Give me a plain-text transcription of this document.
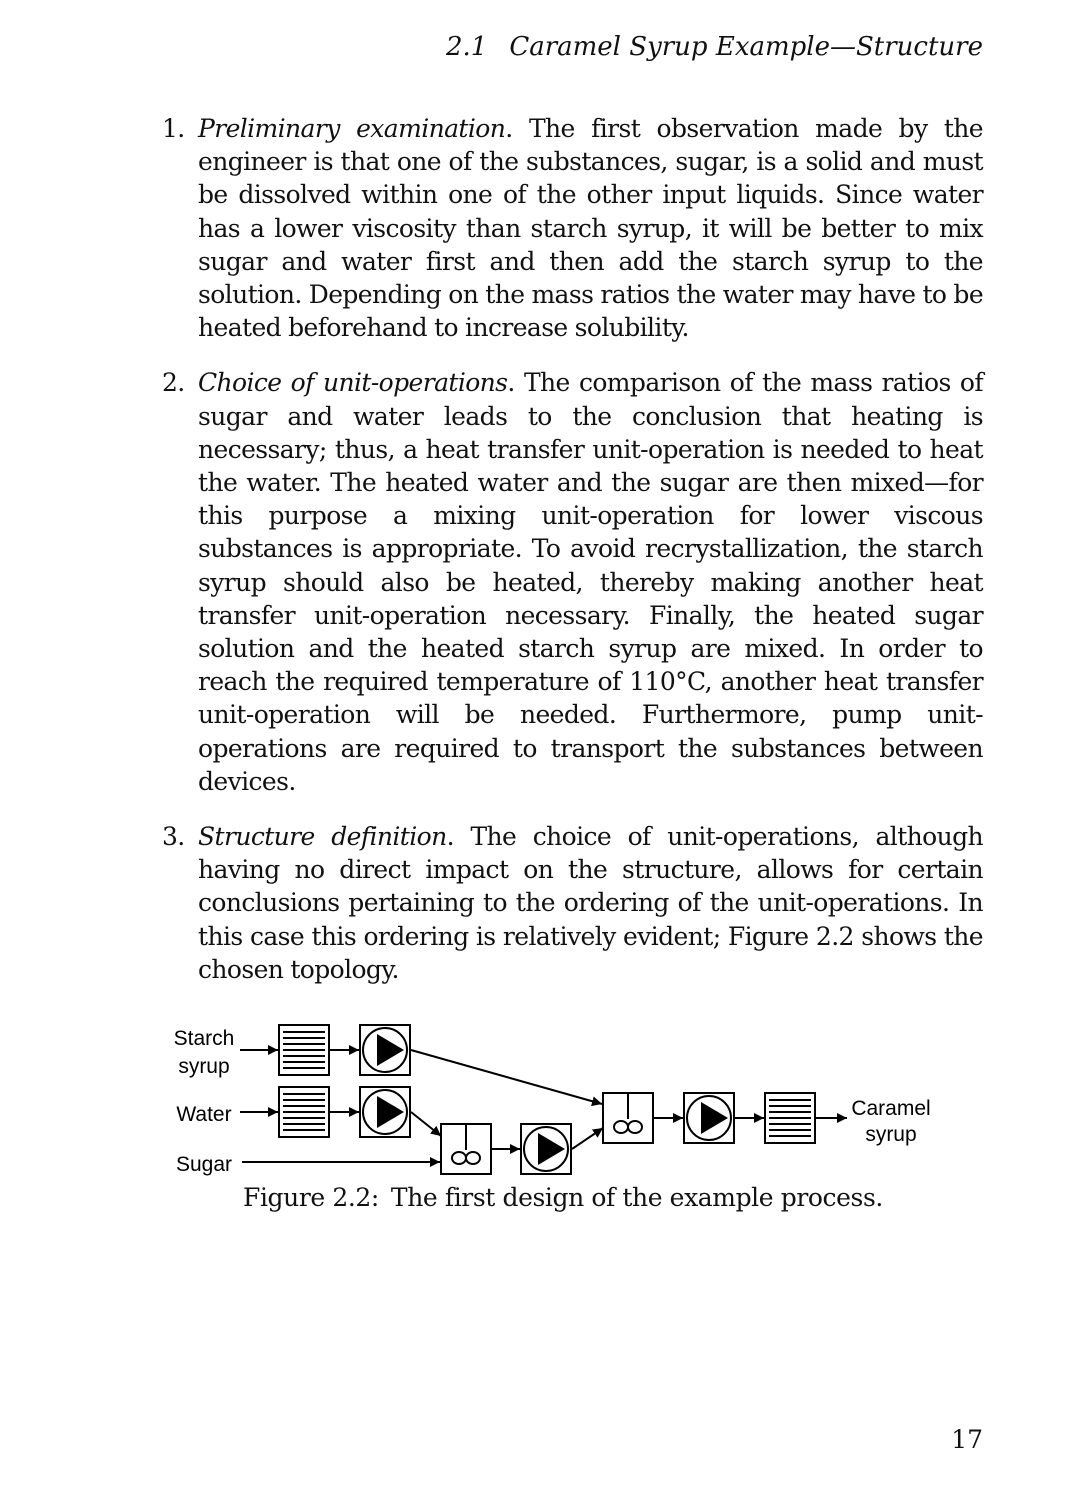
2.1 Caramel Syrup Example—Structure
1. Preliminary examination. The first observation made by the engineer is that one of the substances, sugar, is a solid and must be dissolved within one of the other input liquids. Since water has a lower viscosity than starch syrup, it will be better to mix sugar and water first and then add the starch syrup to the solution. Depending on the mass ratios the water may have to be heated beforehand to increase solubility.
2. Choice of unit-operations. The comparison of the mass ratios of sugar and water leads to the conclusion that heating is necessary; thus, a heat transfer unit-operation is needed to heat the water. The heated water and the sugar are then mixed—for this purpose a mixing unit-operation for lower viscous substances is appropriate. To avoid recrystallization, the starch syrup should also be heated, thereby making another heat transfer unit-operation necessary. Finally, the heated sugar solution and the heated starch syrup are mixed. In order to reach the required temperature of 110°C, another heat transfer unit-operation will be needed. Furthermore, pump unit-operations are required to transport the substances between devices.
3. Structure definition. The choice of unit-operations, although having no direct impact on the structure, allows for certain conclusions pertaining to the ordering of the unit-operations. In this case this ordering is relatively evident; Figure 2.2 shows the chosen topology.
Starch
syrup
Water
Sugar
Caramel
syrup
Figure 2.2: The first design of the example process.
17
